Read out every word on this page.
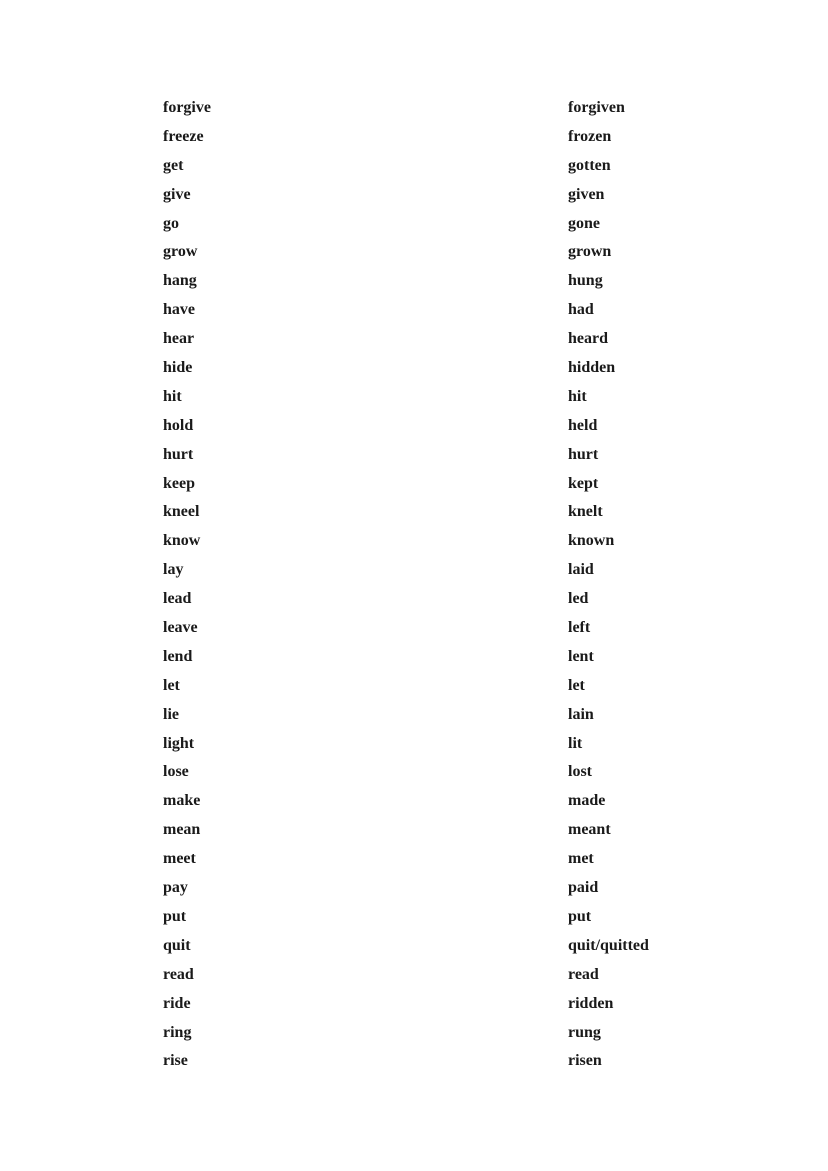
forgive	forgiven
freeze	frozen
get	gotten
give	given
go	gone
grow	grown
hang	hung
have	had
hear	heard
hide	hidden
hit	hit
hold	held
hurt	hurt
keep	kept
kneel	knelt
know	known
lay	laid
lead	led
leave	left
lend	lent
let	let
lie	lain
light	lit
lose	lost
make	made
mean	meant
meet	met
pay	paid
put	put
quit	quit/quitted
read	read
ride	ridden
ring	rung
rise	risen
